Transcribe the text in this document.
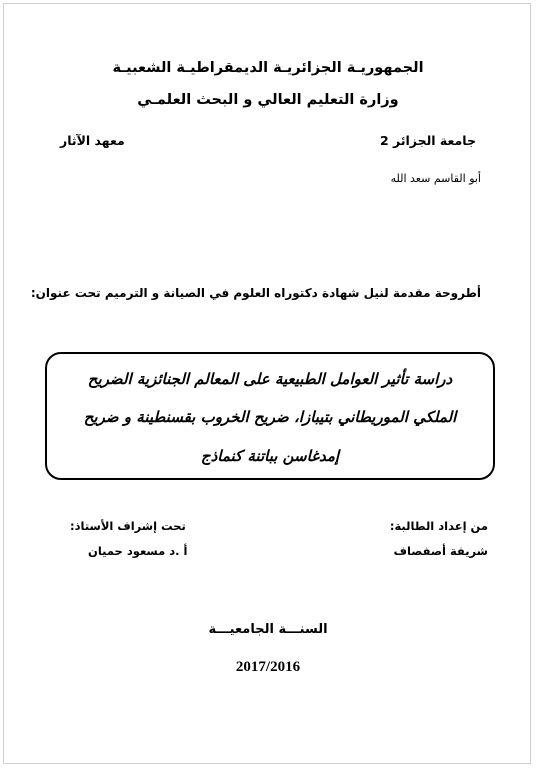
الجمهوريـة الجزائريـة الديمقراطيـة الشعبيـة
وزارة التعليم العالي و البحث العلمـي
جامعة الجزائر 2
معهد الآثار
أبو القاسم سعد الله
أطروحة مقدمة لنيل شهادة دكتوراه العلوم في الصيانة و الترميم تحت عنوان:
دراسة تأثير العوامل الطبيعية على المعالم الجنائزية الضريح
الملكي الموريطاني بتيبازا، ضريح الخروب بقسنطينة و ضريح
إمدغاسن بباتنة كنماذج
من إعداد الطالبة:
تحت إشراف الأستاذ:
شريفة أصفصاف
أ .د مسعود حميان
السنـــة الجامعيـــة
2017/2016
